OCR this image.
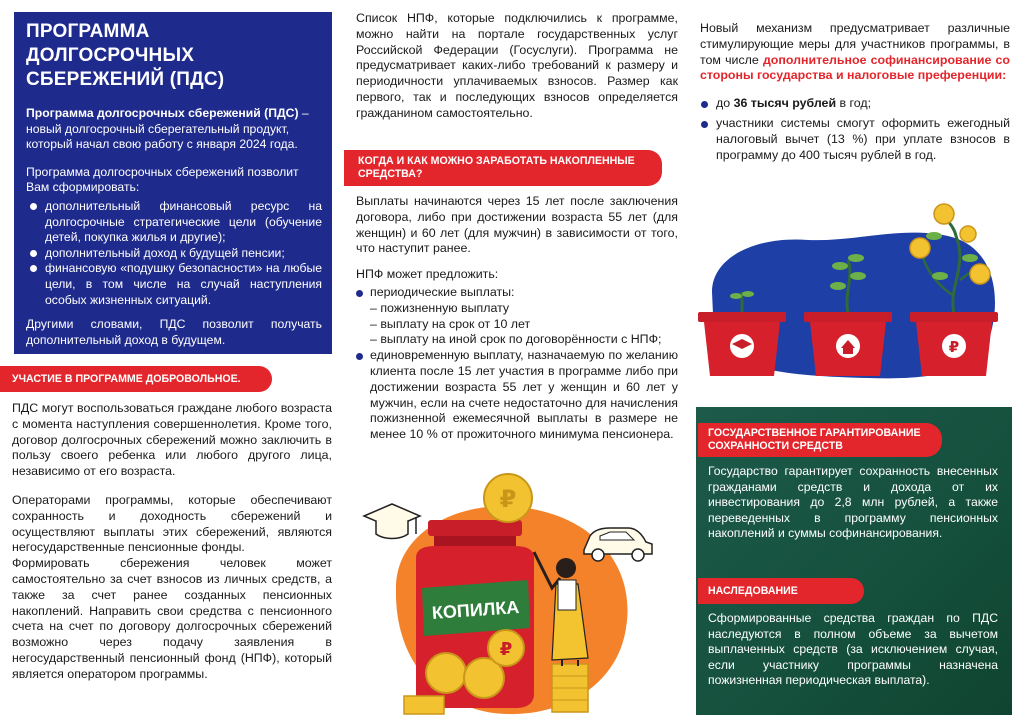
ПРОГРАММА ДОЛГОСРОЧНЫХ СБЕРЕЖЕНИЙ (ПДС)
Программа долгосрочных сбережений (ПДС) – новый долгосрочный сберегательный продукт, который начал свою работу с января 2024 года.
Программа долгосрочных сбережений позволит Вам сформировать:
дополнительный финансовый ресурс на долгосрочные стратегические цели (обучение детей, покупка жилья и другие);
дополнительный доход к будущей пенсии;
финансовую «подушку безопасности» на любые цели, в том числе на случай наступления особых жизненных ситуаций.
Другими словами, ПДС позволит получать дополнительный доход в будущем.
УЧАСТИЕ В ПРОГРАММЕ ДОБРОВОЛЬНОЕ.

ПДС могут воспользоваться граждане любого возраста с момента наступления совершеннолетия. Кроме того, договор долгосрочных сбережений можно заключить в пользу своего ребенка или любого другого лица, независимо от его возраста.

Операторами программы, которые обеспечивают сохранность и доходность сбережений и осуществляют выплаты этих сбережений, являются негосударственные пенсионные фонды.

Формировать сбережения человек может самостоятельно за счет взносов из личных средств, а также за счет ранее созданных пенсионных накоплений. Направить свои средства с пенсионного счета на счет по договору долгосрочных сбережений возможно через подачу заявления в негосударственный пенсионный фонд (НПФ), который является оператором программы.

Список НПФ, которые подключились к программе, можно найти на портале государственных услуг Российской Федерации (Госуслуги). Программа не предусматривает каких-либо требований к размеру и периодичности уплачиваемых взносов. Размер как первого, так и последующих взносов определяется гражданином самостоятельно.
КОГДА И КАК МОЖНО ЗАРАБОТАТЬ НАКОПЛЕННЫЕ СРЕДСТВА?

Выплаты начинаются через 15 лет после заключения договора, либо при достижении возраста 55 лет (для женщин) и 60 лет (для мужчин) в зависимости от того, что наступит ранее.

НПФ может предложить:

периодические выплаты:
– пожизненную выплату
– выплату на срок от 10 лет
– выплату на иной срок по договорённости с НПФ;
единовременную выплату, назначаемую по желанию клиента после 15 лет участия в программе либо при достижении возраста 55 лет у женщин и 60 лет у мужчин, если на счете недостаточно для начисления пожизненной ежемесячной выплаты в размере не менее 10 % от прожиточного минимума пенсионера.
КОПИЛКА
₽
₽

Новый механизм предусматривает различные стимулирующие меры для участников программы, в том числе дополнительное софинансирование со стороны государства и налоговые преференции:

до 36 тысяч рублей в год;
участники системы смогут оформить ежегодный налоговый вычет (13 %) при уплате взносов в программу до 400 тысяч рублей в год.
₽
ГОСУДАРСТВЕННОЕ ГАРАНТИРОВАНИЕ СОХРАННОСТИ СРЕДСТВ
Государство гарантирует сохранность внесенных гражданами средств и дохода от их инвестирования до 2,8 млн рублей, а также переведенных в программу пенсионных накоплений и суммы софинансирования.
НАСЛЕДОВАНИЕ
Сформированные средства граждан по ПДС наследуются в полном объеме за вычетом выплаченных средств (за исключением случая, если участнику программы назначена пожизненная периодическая выплата).
